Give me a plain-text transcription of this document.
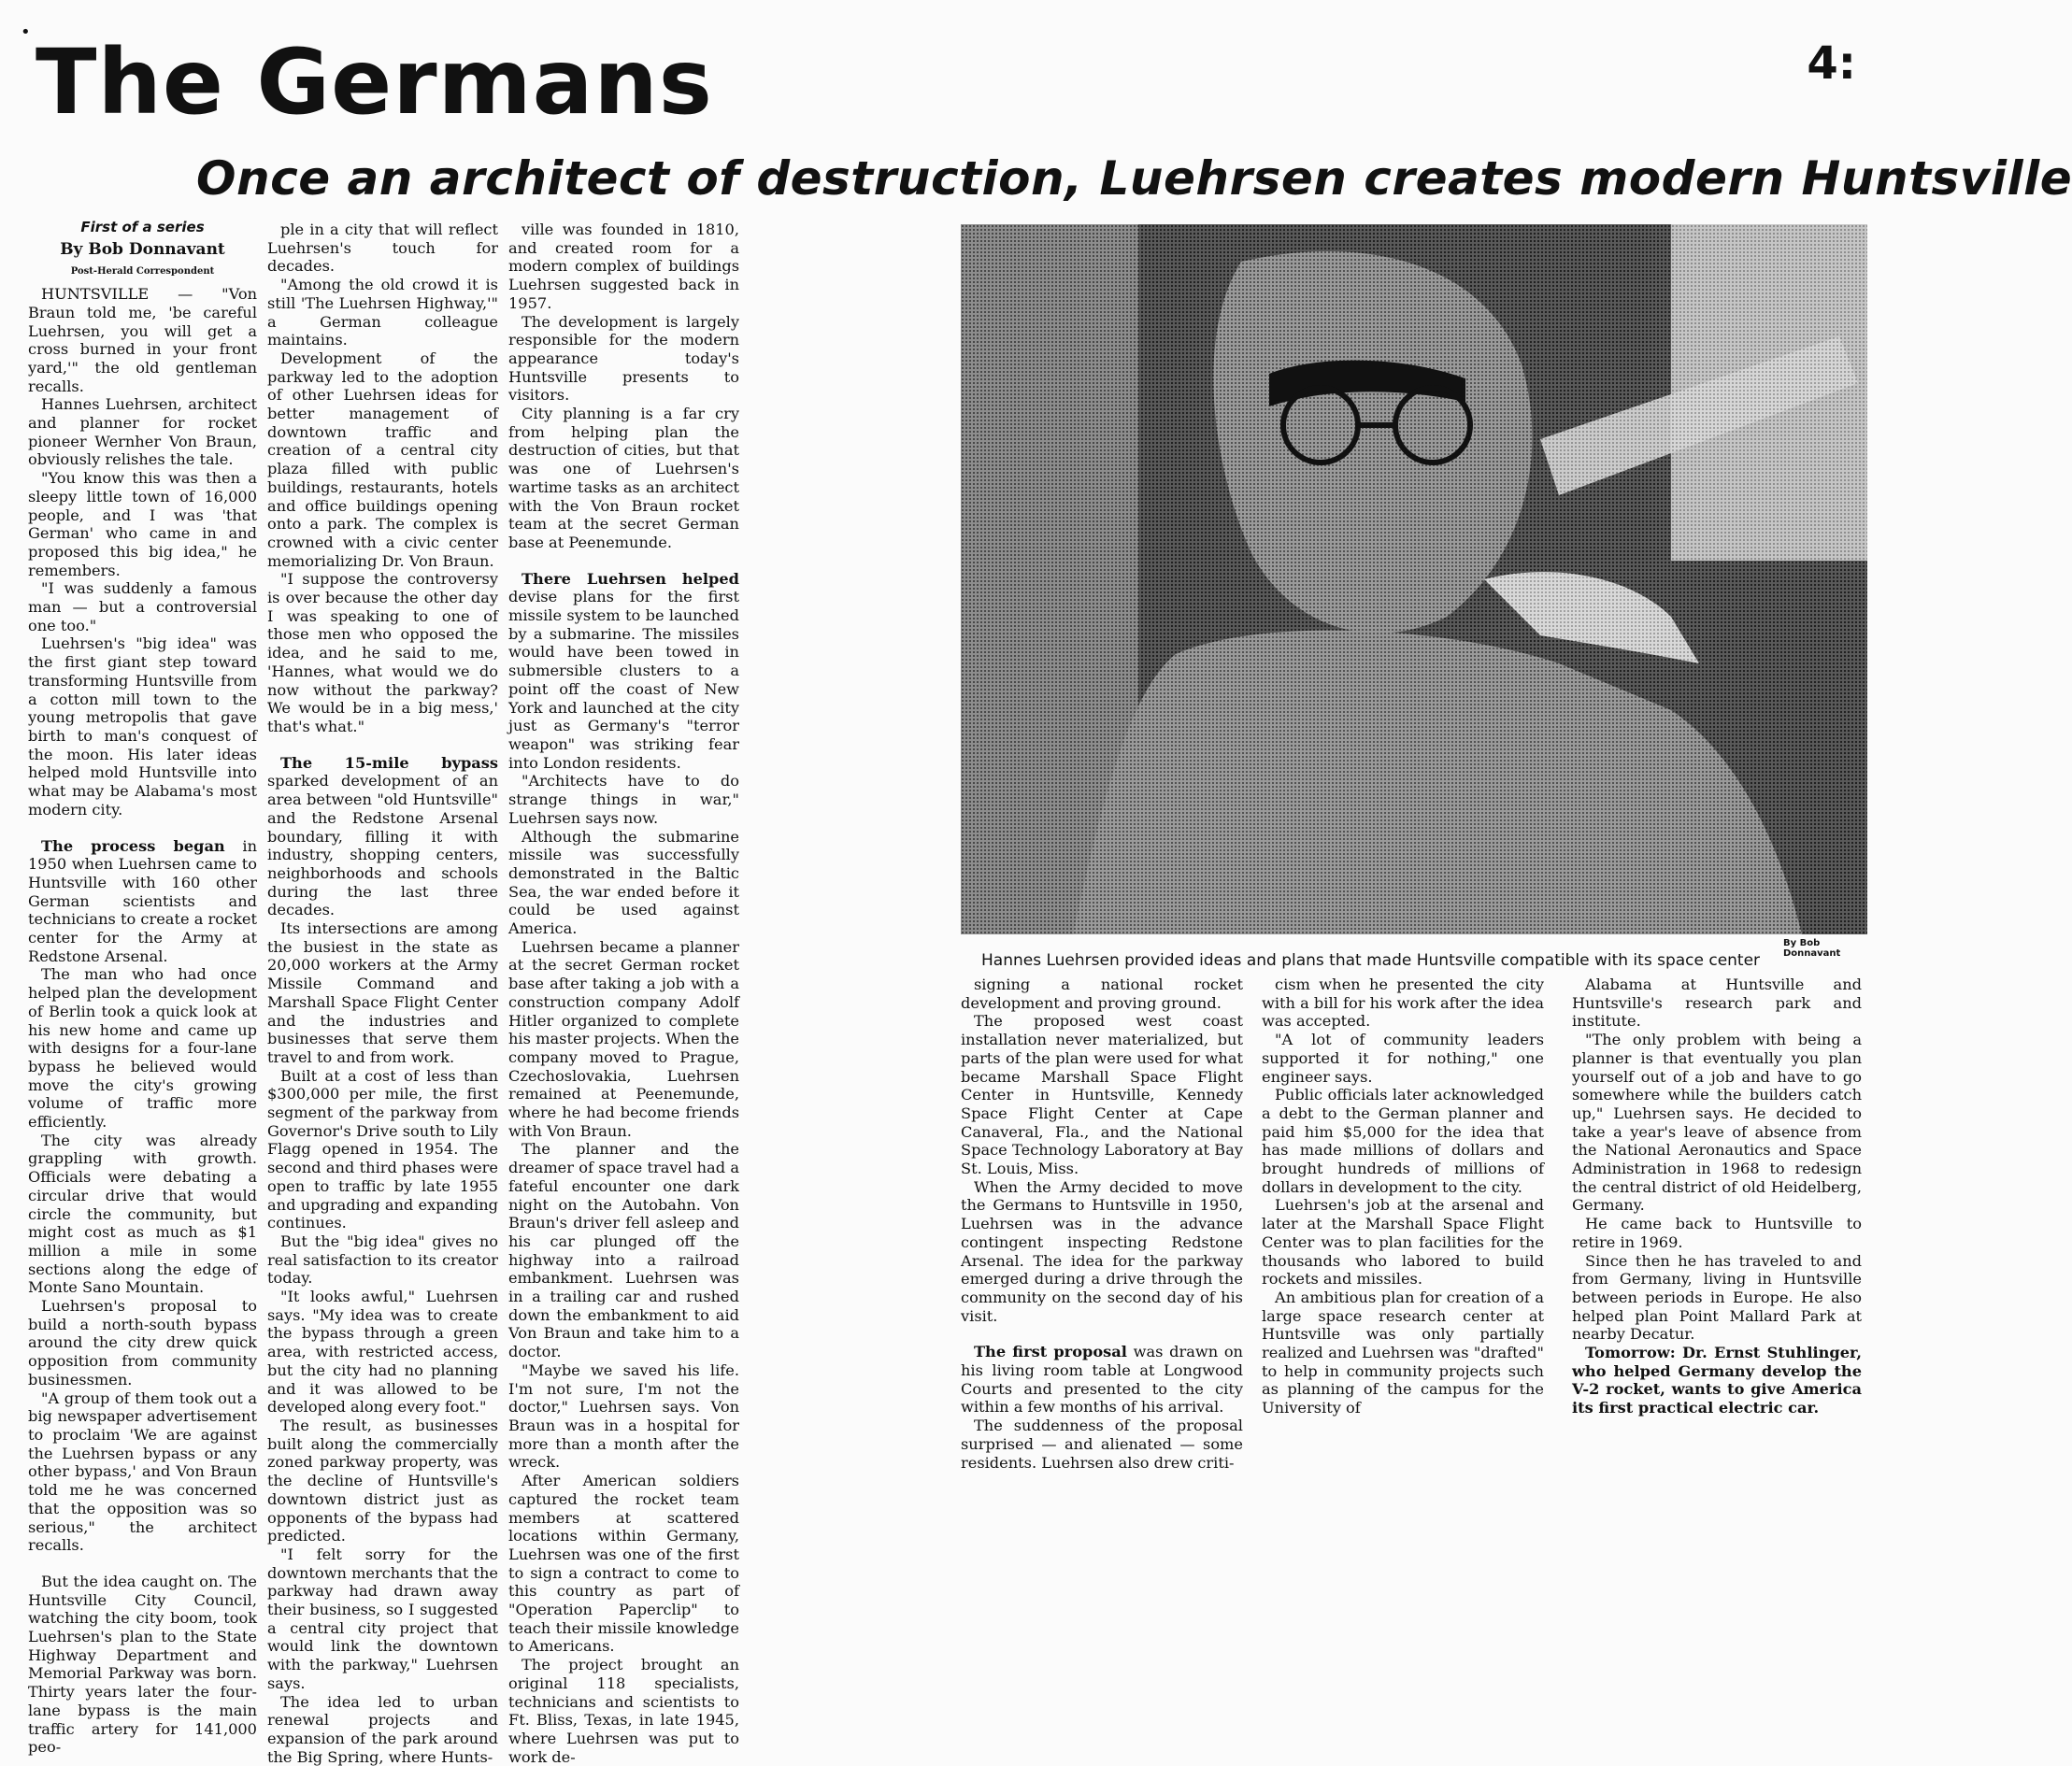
• The Germans	4:
Once an architect of destruction, Luehrsen creates modern Huntsville
First of a series
By Bob Donnavant
Post-Herald Correspondent

HUNTSVILLE — "Von Braun told me, 'be careful Luehrsen, you will get a cross burned in your front yard,'" the old gentleman recalls.

Hannes Luehrsen, architect and planner for rocket pioneer Wernher Von Braun, obviously relishes the tale.

"You know this was then a sleepy little town of 16,000 people, and I was 'that German' who came in and proposed this big idea," he remembers.

"I was suddenly a famous man — but a controversial one too."

Luehrsen's "big idea" was the first giant step toward transforming Huntsville from a cotton mill town to the young metropolis that gave birth to man's conquest of the moon. His later ideas helped mold Huntsville into what may be Alabama's most modern city.

The process began in 1950 when Luehrsen came to Huntsville with 160 other German scientists and technicians to create a rocket center for the Army at Redstone Arsenal.

The man who had once helped plan the development of Berlin took a quick look at his new home and came up with designs for a four-lane bypass he believed would move the city's growing volume of traffic more efficiently.

The city was already grappling with growth. Officials were debating a circular drive that would circle the community, but might cost as much as $1 million a mile in some sections along the edge of Monte Sano Mountain.

Luehrsen's proposal to build a north-south bypass around the city drew quick opposition from community businessmen.

"A group of them took out a big newspaper advertisement to proclaim 'We are against the Luehrsen bypass or any other bypass,' and Von Braun told me he was concerned that the opposition was so serious," the architect recalls.

But the idea caught on. The Huntsville City Council, watching the city boom, took Luehrsen's plan to the State Highway Department and Memorial Parkway was born. Thirty years later the four-lane bypass is the main traffic artery for 141,000 peo-

ple in a city that will reflect Luehrsen's touch for decades.

"Among the old crowd it is still 'The Luehrsen Highway,'" a German colleague maintains.

Development of the parkway led to the adoption of other Luehrsen ideas for better management of downtown traffic and creation of a central city plaza filled with public buildings, restaurants, hotels and office buildings opening onto a park. The complex is crowned with a civic center memorializing Dr. Von Braun.

"I suppose the controversy is over because the other day I was speaking to one of those men who opposed the idea, and he said to me, 'Hannes, what would we do now without the parkway? We would be in a big mess,' that's what."

The 15-mile bypass sparked development of an area between "old Huntsville" and the Redstone Arsenal boundary, filling it with industry, shopping centers, neighborhoods and schools during the last three decades.

Its intersections are among the busiest in the state as 20,000 workers at the Army Missile Command and Marshall Space Flight Center and the industries and businesses that serve them travel to and from work.

Built at a cost of less than $300,000 per mile, the first segment of the parkway from Governor's Drive south to Lily Flagg opened in 1954. The second and third phases were open to traffic by late 1955 and upgrading and expanding continues.

But the "big idea" gives no real satisfaction to its creator today.

"It looks awful," Luehrsen says. "My idea was to create the bypass through a green area, with restricted access, but the city had no planning and it was allowed to be developed along every foot."

The result, as businesses built along the commercially zoned parkway property, was the decline of Huntsville's downtown district just as opponents of the bypass had predicted.

"I felt sorry for the downtown merchants that the parkway had drawn away their business, so I suggested a central city project that would link the downtown with the parkway," Luehrsen says.

The idea led to urban renewal projects and expansion of the park around the Big Spring, where Hunts-

ville was founded in 1810, and created room for a modern complex of buildings Luehrsen suggested back in 1957.

The development is largely responsible for the modern appearance today's Huntsville presents to visitors.

City planning is a far cry from helping plan the destruction of cities, but that was one of Luehrsen's wartime tasks as an architect with the Von Braun rocket team at the secret German base at Peenemunde.

There Luehrsen helped devise plans for the first missile system to be launched by a submarine. The missiles would have been towed in submersible clusters to a point off the coast of New York and launched at the city just as Germany's "terror weapon" was striking fear into London residents.

"Architects have to do strange things in war," Luehrsen says now.

Although the submarine missile was successfully demonstrated in the Baltic Sea, the war ended before it could be used against America.

Luehrsen became a planner at the secret German rocket base after taking a job with a construction company Adolf Hitler organized to complete his master projects. When the company moved to Prague, Czechoslovakia, Luehrsen remained at Peenemunde, where he had become friends with Von Braun.

The planner and the dreamer of space travel had a fateful encounter one dark night on the Autobahn. Von Braun's driver fell asleep and his car plunged off the highway into a railroad embankment. Luehrsen was in a trailing car and rushed down the embankment to aid Von Braun and take him to a doctor.

"Maybe we saved his life. I'm not sure, I'm not the doctor," Luehrsen says. Von Braun was in a hospital for more than a month after the wreck.

After American soldiers captured the rocket team members at scattered locations within Germany, Luehrsen was one of the first to sign a contract to come to this country as part of "Operation Paperclip" to teach their missile knowledge to Americans.

The project brought an original 118 specialists, technicians and scientists to Ft. Bliss, Texas, in late 1945, where Luehrsen was put to work de-

By Bob Donnavant

Hannes Luehrsen provided ideas and plans that made Huntsville compatible with its space center

signing a national rocket development and proving ground.

The proposed west coast installation never materialized, but parts of the plan were used for what became Marshall Space Flight Center in Huntsville, Kennedy Space Flight Center at Cape Canaveral, Fla., and the National Space Technology Laboratory at Bay St. Louis, Miss.

When the Army decided to move the Germans to Huntsville in 1950, Luehrsen was in the advance contingent inspecting Redstone Arsenal. The idea for the parkway emerged during a drive through the community on the second day of his visit.

The first proposal was drawn on his living room table at Longwood Courts and presented to the city within a few months of his arrival.

The suddenness of the proposal surprised — and alienated — some residents. Luehrsen also drew criti-

cism when he presented the city with a bill for his work after the idea was accepted.

"A lot of community leaders supported it for nothing," one engineer says.

Public officials later acknowledged a debt to the German planner and paid him $5,000 for the idea that has made millions of dollars and brought hundreds of millions of dollars in development to the city.

Luehrsen's job at the arsenal and later at the Marshall Space Flight Center was to plan facilities for the thousands who labored to build rockets and missiles.

An ambitious plan for creation of a large space research center at Huntsville was only partially realized and Luehrsen was "drafted" to help in community projects such as planning of the campus for the University of

Alabama at Huntsville and Huntsville's research park and institute.

"The only problem with being a planner is that eventually you plan yourself out of a job and have to go somewhere while the builders catch up," Luehrsen says. He decided to take a year's leave of absence from the National Aeronautics and Space Administration in 1968 to redesign the central district of old Heidelberg, Germany.

He came back to Huntsville to retire in 1969.

Since then he has traveled to and from Germany, living in Huntsville between periods in Europe. He also helped plan Point Mallard Park at nearby Decatur.

Tomorrow: Dr. Ernst Stuhlinger, who helped Germany develop the V-2 rocket, wants to give America its first practical electric car.
